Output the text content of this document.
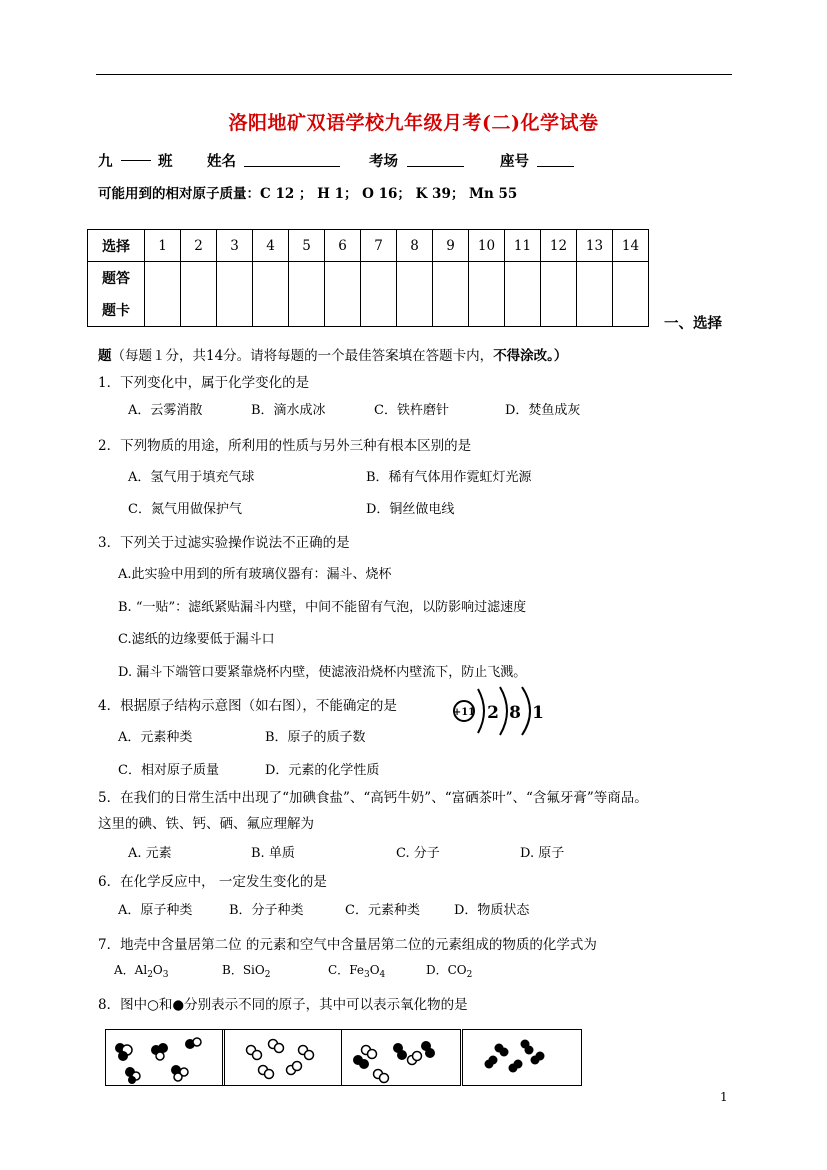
洛阳地矿双语学校九年级月考(二)化学试卷
九	班 姓名	考场	座号
可能用到的相对原子质量：C 12 ； H 1； O 16； K 39； Mn 55
选择	1	2	3	4	5	6	7	8	9	10	11	12	13	14
题答														
题卡														
一、选择
题（每题１分，共14分。请将每题的一个最佳答案填在答题卡内，不得涂改。）
1．下列变化中，属于化学变化的是
A．云雾消散	B．滴水成冰	C．铁杵磨针	D．焚鱼成灰
2．下列物质的用途，所利用的性质与另外三种有根本区别的是
A．氢气用于填充气球	B．稀有气体用作霓虹灯光源
C．氮气用做保护气	D．铜丝做电线
3．下列关于过滤实验操作说法不正确的是
A.此实验中用到的所有玻璃仪器有：漏斗、烧杯
B. “一贴”：滤纸紧贴漏斗内壁，中间不能留有气泡，以防影响过滤速度
C.滤纸的边缘要低于漏斗口
D. 漏斗下端管口要紧靠烧杯内壁，使滤液沿烧杯内壁流下，防止飞溅。
4．根据原子结构示意图（如右图），不能确定的是
A．元素种类	B．原子的质子数
C．相对原子质量	D．元素的化学性质
+11 2 8 1
5．在我们的日常生活中出现了“加碘食盐”、“高钙牛奶”、“富硒茶叶”、“含氟牙膏”等商品。
这里的碘、铁、钙、硒、氟应理解为
A. 元素	B. 单质	C. 分子	D. 原子
6．在化学反应中， 一定发生变化的是
A．原子种类	B．分子种类	C．元素种类	D．物质状态
7．地壳中含量居第二位 的元素和空气中含量居第二位的元素组成的物质的化学式为
A．$Al_2O_3$	B．SiO$_2$	C．$Fe_3O_4$	D．$CO_2$
8．图中○和●分别表示不同的原子，其中可以表示氧化物的是
1
